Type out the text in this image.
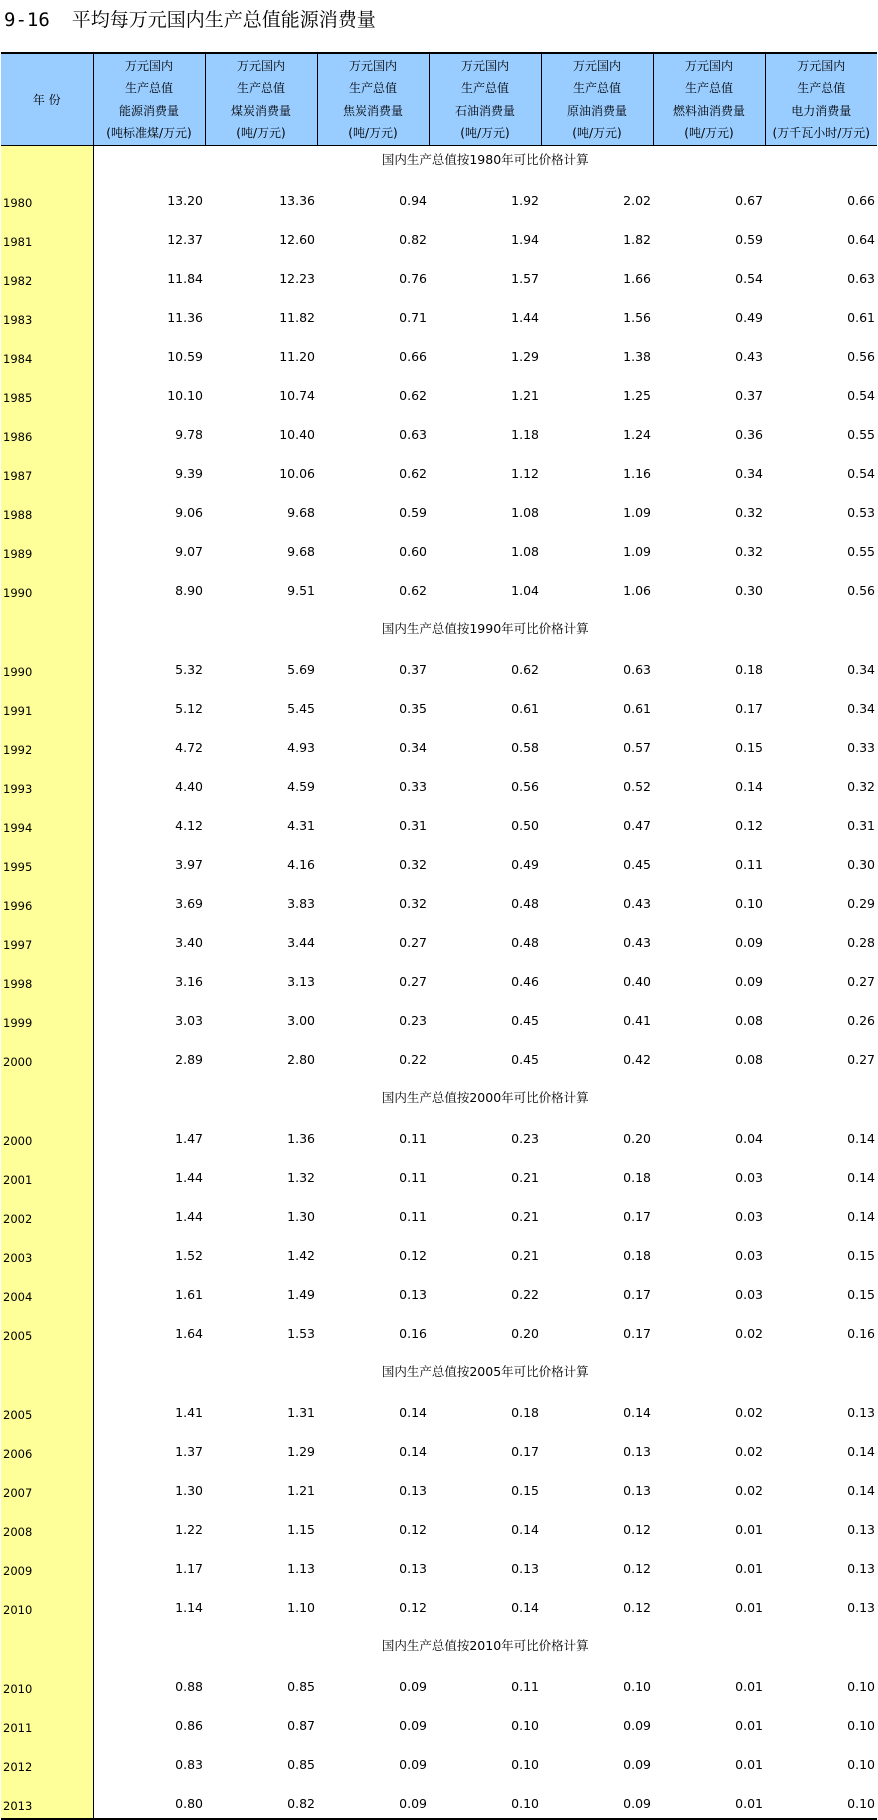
9-16 平均每万元国内生产总值能源消费量
年 份	万元国内
生产总值
能源消费量
(吨标准煤/万元)	万元国内
生产总值
煤炭消费量
(吨/万元)	万元国内
生产总值
焦炭消费量
(吨/万元)	万元国内
生产总值
石油消费量
(吨/万元)	万元国内
生产总值
原油消费量
(吨/万元)	万元国内
生产总值
燃料油消费量
(吨/万元)	万元国内
生产总值
电力消费量
(万千瓦小时/万元)

	国内生产总值按1980年可比价格计算						
1980	13.20	13.36	0.94	1.92	2.02	0.67	0.66
1981	12.37	12.60	0.82	1.94	1.82	0.59	0.64
1982	11.84	12.23	0.76	1.57	1.66	0.54	0.63
1983	11.36	11.82	0.71	1.44	1.56	0.49	0.61
1984	10.59	11.20	0.66	1.29	1.38	0.43	0.56
1985	10.10	10.74	0.62	1.21	1.25	0.37	0.54
1986	9.78	10.40	0.63	1.18	1.24	0.36	0.55
1987	9.39	10.06	0.62	1.12	1.16	0.34	0.54
1988	9.06	9.68	0.59	1.08	1.09	0.32	0.53
1989	9.07	9.68	0.60	1.08	1.09	0.32	0.55
1990	8.90	9.51	0.62	1.04	1.06	0.30	0.56
	国内生产总值按1990年可比价格计算						
1990	5.32	5.69	0.37	0.62	0.63	0.18	0.34
1991	5.12	5.45	0.35	0.61	0.61	0.17	0.34
1992	4.72	4.93	0.34	0.58	0.57	0.15	0.33
1993	4.40	4.59	0.33	0.56	0.52	0.14	0.32
1994	4.12	4.31	0.31	0.50	0.47	0.12	0.31
1995	3.97	4.16	0.32	0.49	0.45	0.11	0.30
1996	3.69	3.83	0.32	0.48	0.43	0.10	0.29
1997	3.40	3.44	0.27	0.48	0.43	0.09	0.28
1998	3.16	3.13	0.27	0.46	0.40	0.09	0.27
1999	3.03	3.00	0.23	0.45	0.41	0.08	0.26
2000	2.89	2.80	0.22	0.45	0.42	0.08	0.27
	国内生产总值按2000年可比价格计算						
2000	1.47	1.36	0.11	0.23	0.20	0.04	0.14
2001	1.44	1.32	0.11	0.21	0.18	0.03	0.14
2002	1.44	1.30	0.11	0.21	0.17	0.03	0.14
2003	1.52	1.42	0.12	0.21	0.18	0.03	0.15
2004	1.61	1.49	0.13	0.22	0.17	0.03	0.15
2005	1.64	1.53	0.16	0.20	0.17	0.02	0.16
	国内生产总值按2005年可比价格计算						
2005	1.41	1.31	0.14	0.18	0.14	0.02	0.13
2006	1.37	1.29	0.14	0.17	0.13	0.02	0.14
2007	1.30	1.21	0.13	0.15	0.13	0.02	0.14
2008	1.22	1.15	0.12	0.14	0.12	0.01	0.13
2009	1.17	1.13	0.13	0.13	0.12	0.01	0.13
2010	1.14	1.10	0.12	0.14	0.12	0.01	0.13
	国内生产总值按2010年可比价格计算						
2010	0.88	0.85	0.09	0.11	0.10	0.01	0.10
2011	0.86	0.87	0.09	0.10	0.09	0.01	0.10
2012	0.83	0.85	0.09	0.10	0.09	0.01	0.10
2013	0.80	0.82	0.09	0.10	0.09	0.01	0.10
